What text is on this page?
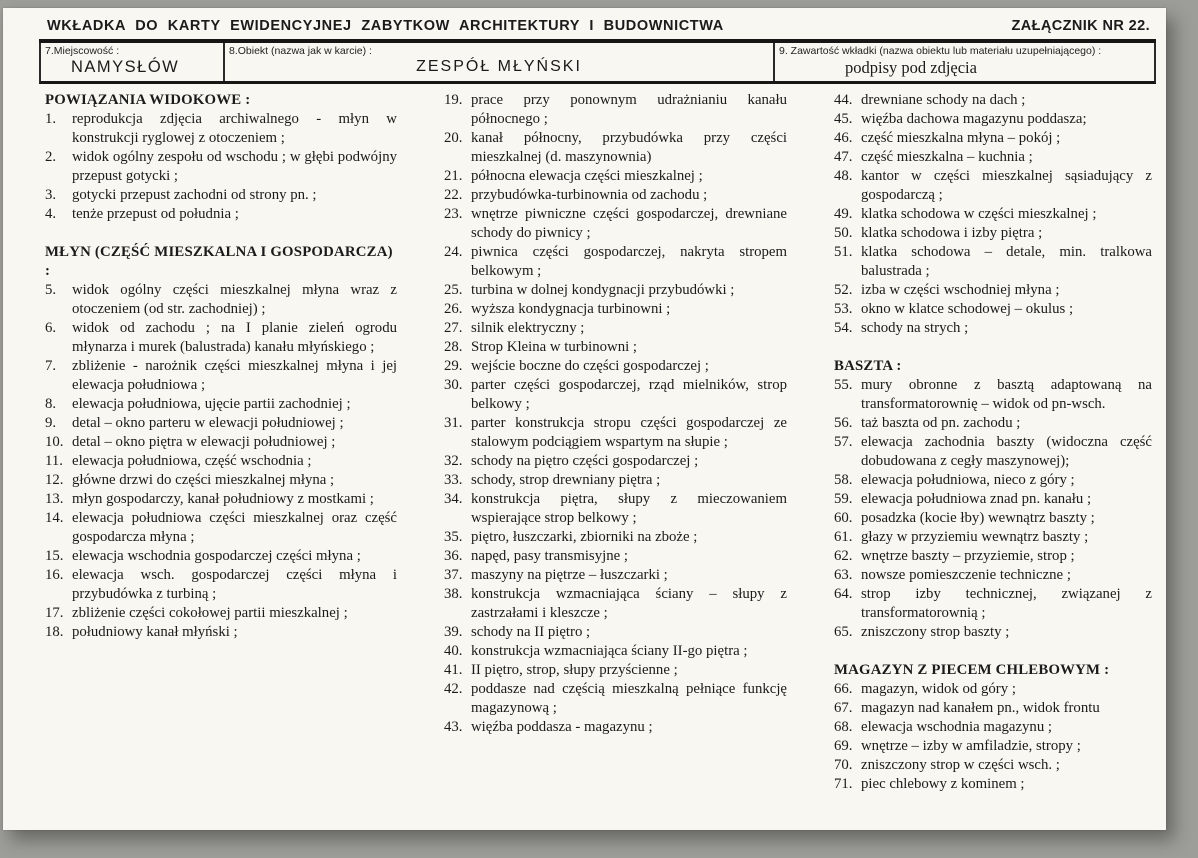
WKŁADKA DO KARTY EWIDENCYJNEJ ZABYTKOW ARCHITEKTURY I BUDOWNICTWA	ZAŁĄCZNIK NR 22.
7.Miejscowość :
NAMYSŁÓW
8.Obiekt (nazwa jak w karcie) :
ZESPÓŁ MŁYŃSKI
9. Zawartość wkładki (nazwa obiektu lub materiału uzupełniającego) :
podpisy pod zdjęcia
POWIĄZANIA WIDOKOWE :
1.	reprodukcja zdjęcia archiwalnego - młyn w konstrukcji ryglowej z otoczeniem ;
2.	widok ogólny zespołu od wschodu ; w głębi podwójny przepust gotycki ;
3.	gotycki przepust zachodni od strony pn. ;
4.	tenże przepust od południa ;
MŁYN (CZĘŚĆ MIESZKALNA I GOSPODARCZA) :
5.	widok ogólny części mieszkalnej młyna wraz z otoczeniem (od str. zachodniej) ;
6.	widok od zachodu ; na I planie zieleń ogrodu młynarza i murek (balustrada) kanału młyńskiego ;
7.	zbliżenie - narożnik części mieszkalnej młyna i jej elewacja południowa ;
8.	elewacja południowa, ujęcie partii zachodniej ;
9.	detal – okno parteru w elewacji południowej ;
10. detal – okno piętra w elewacji południowej ;
11. elewacja południowa, część wschodnia ;
12. główne drzwi do części mieszkalnej młyna ;
13. młyn gospodarczy, kanał południowy z mostkami ;
14. elewacja południowa części mieszkalnej oraz część gospodarcza młyna ;
15. elewacja wschodnia gospodarczej części młyna ;
16. elewacja wsch. gospodarczej części młyna i przybudówka z turbiną ;
17. zbliżenie części cokołowej partii mieszkalnej ;
18. południowy kanał młyński ;
19. prace przy ponownym udrażnianiu kanału północnego ;
20. kanał północny, przybudówka przy części mieszkalnej (d. maszynownia)
21. północna elewacja części mieszkalnej ;
22. przybudówka-turbinownia od zachodu ;
23. wnętrze piwniczne części gospodarczej, drewniane schody do piwnicy ;
24. piwnica części gospodarczej, nakryta stropem belkowym ;
25. turbina w dolnej kondygnacji przybudówki ;
26. wyższa kondygnacja turbinowni ;
27. silnik elektryczny ;
28. Strop Kleina w turbinowni ;
29. wejście boczne do części gospodarczej ;
30. parter części gospodarczej, rząd mielników, strop belkowy ;
31. parter konstrukcja stropu części gospodarczej ze stalowym podciągiem wspartym na słupie ;
32. schody na piętro części gospodarczej ;
33. schody, strop drewniany piętra ;
34. konstrukcja piętra, słupy z mieczowaniem wspierające strop belkowy ;
35. piętro, łuszczarki, zbiorniki na zboże ;
36. napęd, pasy transmisyjne ;
37. maszyny na piętrze – łuszczarki ;
38. konstrukcja wzmacniająca ściany – słupy z zastrzałami i kleszcze ;
39. schody na II piętro ;
40. konstrukcja wzmacniająca ściany II-go piętra ;
41. II piętro, strop, słupy przyścienne ;
42. poddasze nad częścią mieszkalną pełniące funkcję magazynową ;
43. więźba poddasza - magazynu ;
44. drewniane schody na dach ;
45. więźba dachowa magazynu poddasza;
46. część mieszkalna młyna – pokój ;
47. część mieszkalna – kuchnia ;
48. kantor w części mieszkalnej sąsiadujący z gospodarczą ;
49. klatka schodowa w części mieszkalnej ;
50. klatka schodowa i izby piętra ;
51. klatka schodowa – detale, min. tralkowa balustrada ;
52. izba w części wschodniej młyna ;
53. okno w klatce schodowej – okulus ;
54. schody na strych ;
BASZTA :
55. mury obronne z basztą adaptowaną na transformatorownię – widok od pn-wsch.
56. taż baszta od pn. zachodu ;
57. elewacja zachodnia baszty (widoczna część dobudowana z cegły maszynowej);
58. elewacja południowa, nieco z góry ;
59. elewacja południowa znad pn. kanału ;
60. posadzka (kocie łby) wewnątrz baszty ;
61. głazy w przyziemiu wewnątrz baszty ;
62. wnętrze baszty – przyziemie, strop ;
63. nowsze pomieszczenie techniczne ;
64. strop izby technicznej, związanej z transformatorownią ;
65. zniszczony strop baszty ;
MAGAZYN Z PIECEM CHLEBOWYM :
66. magazyn, widok od góry ;
67. magazyn nad kanałem pn., widok frontu
68. elewacja wschodnia magazynu ;
69. wnętrze – izby w amfiladzie, stropy ;
70. zniszczony strop w części wsch. ;
71. piec chlebowy z kominem ;
